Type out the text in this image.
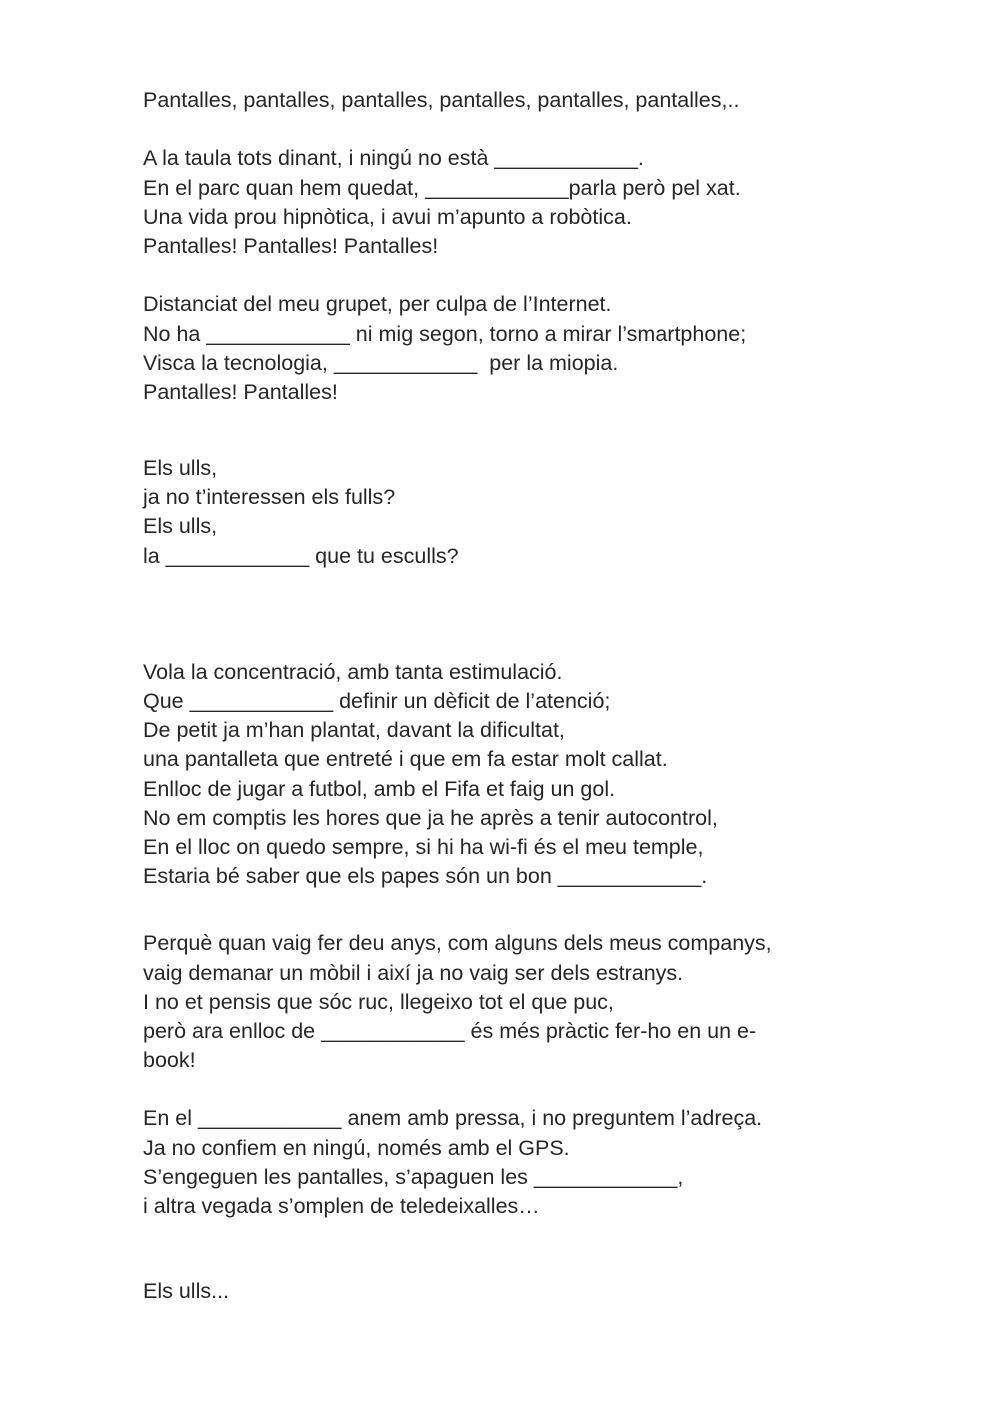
Pantalles, pantalles, pantalles, pantalles, pantalles, pantalles,..
A la taula tots dinant, i ningú no està ____________.
En el parc quan hem quedat, ____________parla però pel xat.
Una vida prou hipnòtica, i avui m’apunto a robòtica.
Pantalles! Pantalles! Pantalles!
Distanciat del meu grupet, per culpa de l’Internet.
No ha ____________ ni mig segon, torno a mirar l’smartphone;
Visca la tecnologia, ____________  per la miopia.
Pantalles! Pantalles!
Els ulls,
ja no t’interessen els fulls?
Els ulls,
la ____________ que tu esculls?
Vola la concentració, amb tanta estimulació.
Que ____________ definir un dèficit de l’atenció;
De petit ja m’han plantat, davant la dificultat,
una pantalleta que entreté i que em fa estar molt callat.
Enlloc de jugar a futbol, amb el Fifa et faig un gol.
No em comptis les hores que ja he après a tenir autocontrol,
En el lloc on quedo sempre, si hi ha wi-fi és el meu temple,
Estaria bé saber que els papes són un bon ____________.
Perquè quan vaig fer deu anys, com alguns dels meus companys,
vaig demanar un mòbil i així ja no vaig ser dels estranys.
I no et pensis que sóc ruc, llegeixo tot el que puc,
però ara enlloc de ____________ és més pràctic fer-ho en un e-
book!
En el ____________ anem amb pressa, i no preguntem l’adreça.
Ja no confiem en ningú, només amb el GPS.
S’engeguen les pantalles, s’apaguen les ____________,
i altra vegada s’omplen de teledeixalles…
Els ulls...
